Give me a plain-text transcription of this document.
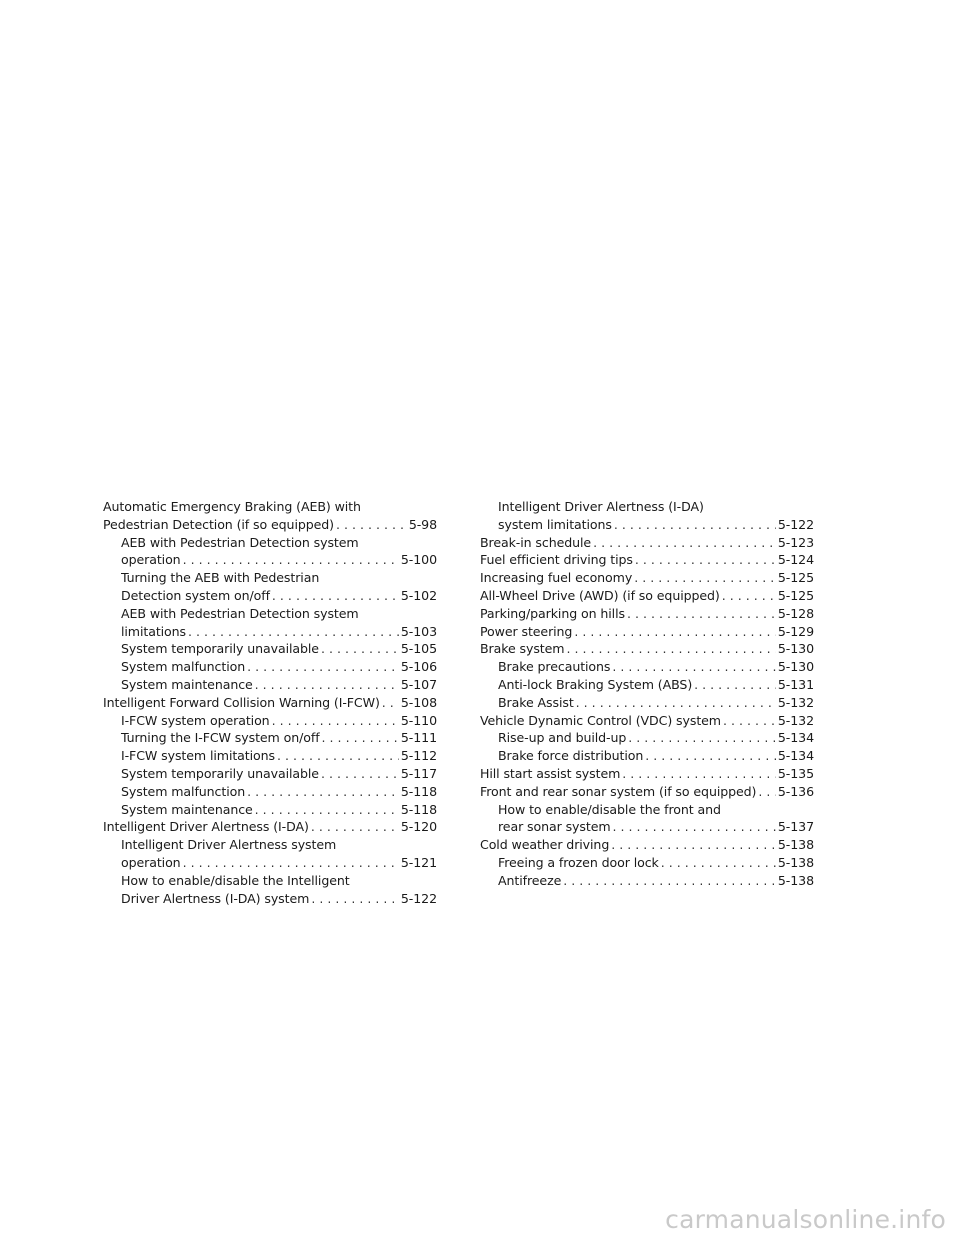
Automatic Emergency Braking (AEB) with
Pedestrian Detection (if so equipped) . . .	5-98
AEB with Pedestrian Detection system
operation . . .	5-100
Turning the AEB with Pedestrian
Detection system on/off . . .	5-102
AEB with Pedestrian Detection system
limitations . . .	5-103
System temporarily unavailable . . .	5-105
System malfunction . . .	5-106
System maintenance . . .	5-107
Intelligent Forward Collision Warning (I-FCW) . . . 5-108
I-FCW system operation . . .	5-110
Turning the I-FCW system on/off . . .	5-111
I-FCW system limitations . . .	5-112
System temporarily unavailable . . .	5-117
System malfunction . . .	5-118
System maintenance . . .	5-118
Intelligent Driver Alertness (I-DA) . . .	5-120
Intelligent Driver Alertness system
operation . . .	5-121
How to enable/disable the Intelligent
Driver Alertness (I-DA) system . . .	5-122
Intelligent Driver Alertness (I-DA)
system limitations . . .	5-122
Break-in schedule . . .	5-123
Fuel efficient driving tips . . .	5-124
Increasing fuel economy . . .	5-125
All-Wheel Drive (AWD) (if so equipped) . . .	5-125
Parking/parking on hills . . .	5-128
Power steering . . .	5-129
Brake system . . .	5-130
Brake precautions . . .	5-130
Anti-lock Braking System (ABS) . . .	5-131
Brake Assist . . .	5-132
Vehicle Dynamic Control (VDC) system . . .	5-132
Rise-up and build-up . . .	5-134
Brake force distribution . . .	5-134
Hill start assist system . . .	5-135
Front and rear sonar system (if so equipped) . . . 5-136
How to enable/disable the front and
rear sonar system . . .	5-137
Cold weather driving . . .	5-138
Freeing a frozen door lock . . .	5-138
Antifreeze . . .	5-138
carmanualsonline.info
